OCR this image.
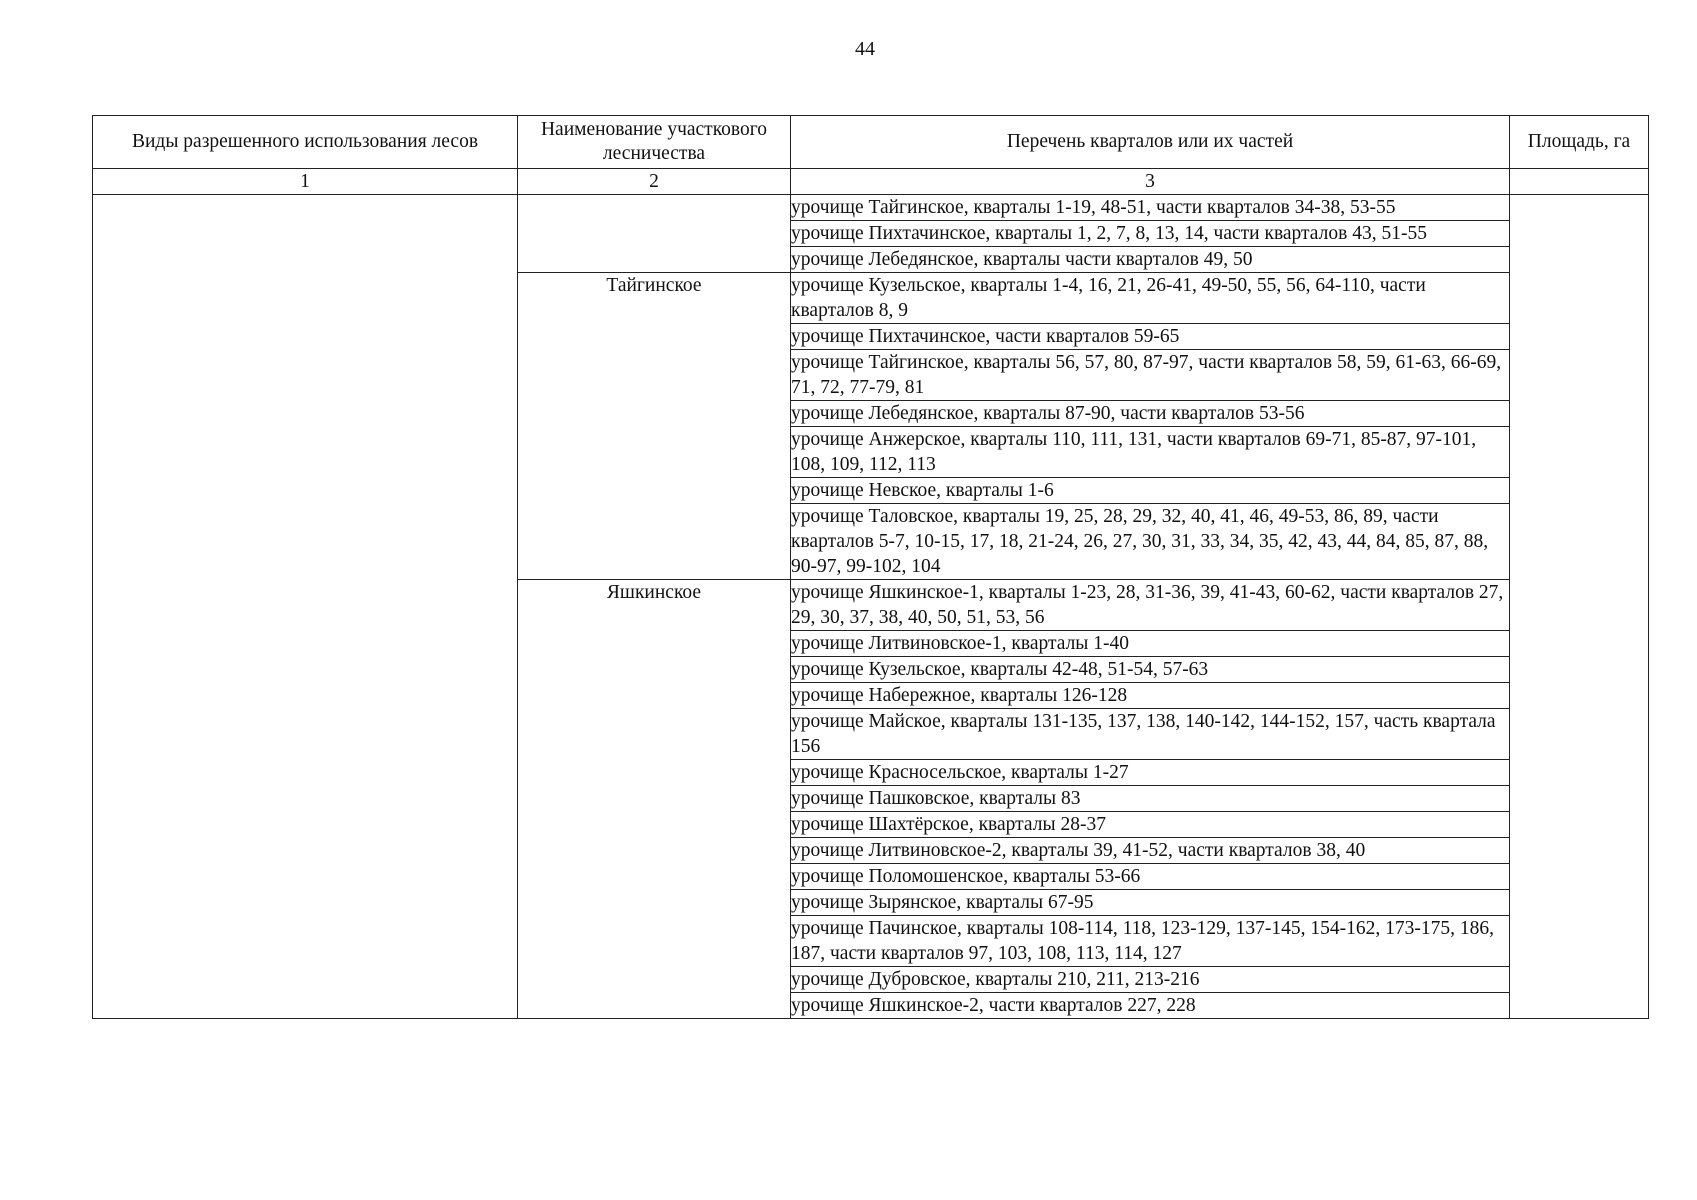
44
Виды разрешенного использования лесов	Наименование участкового лесничества	Перечень кварталов или их частей	Площадь, га
1	2	3	
		урочище Тайгинское, кварталы 1-19, 48-51, части кварталов 34-38, 53-55	
		урочище Пихтачинское, кварталы 1, 2, 7, 8, 13, 14, части кварталов 43, 51-55	
		урочище Лебедянское, кварталы части кварталов 49, 50	
	Тайгинское	урочище Кузельское, кварталы 1-4, 16, 21, 26-41, 49-50, 55, 56, 64-110, части кварталов 8, 9	
		урочище Пихтачинское, части кварталов 59-65	
		урочище Тайгинское, кварталы 56, 57, 80, 87-97, части кварталов 58, 59, 61-63, 66-69, 71, 72, 77-79, 81	
		урочище Лебедянское, кварталы 87-90, части кварталов 53-56	
		урочище Анжерское, кварталы 110, 111, 131, части кварталов 69-71, 85-87, 97-101, 108, 109, 112, 113	
		урочище Невское, кварталы 1-6	
		урочище Таловское, кварталы 19, 25, 28, 29, 32, 40, 41, 46, 49-53, 86, 89, части кварталов 5-7, 10-15, 17, 18, 21-24, 26, 27, 30, 31, 33, 34, 35, 42, 43, 44, 84, 85, 87, 88, 90-97, 99-102, 104	
	Яшкинское	урочище Яшкинское-1, кварталы 1-23, 28, 31-36, 39, 41-43, 60-62, части кварталов 27, 29, 30, 37, 38, 40, 50, 51, 53, 56	
		урочище Литвиновское-1, кварталы 1-40	
		урочище Кузельское, кварталы 42-48, 51-54, 57-63	
		урочище Набережное, кварталы 126-128	
		урочище Майское, кварталы 131-135, 137, 138, 140-142, 144-152, 157, часть квартала 156	
		урочище Красносельское, кварталы 1-27	
		урочище Пашковское, кварталы 83	
		урочище Шахтёрское, кварталы 28-37	
		урочище Литвиновское-2, кварталы 39, 41-52, части кварталов 38, 40	
		урочище Поломошенское, кварталы 53-66	
		урочище Зырянское, кварталы 67-95	
		урочище Пачинское, кварталы 108-114, 118, 123-129, 137-145, 154-162, 173-175, 186, 187, части кварталов 97, 103, 108, 113, 114, 127	
		урочище Дубровское, кварталы 210, 211, 213-216	
		урочище Яшкинское-2, части кварталов 227, 228	
